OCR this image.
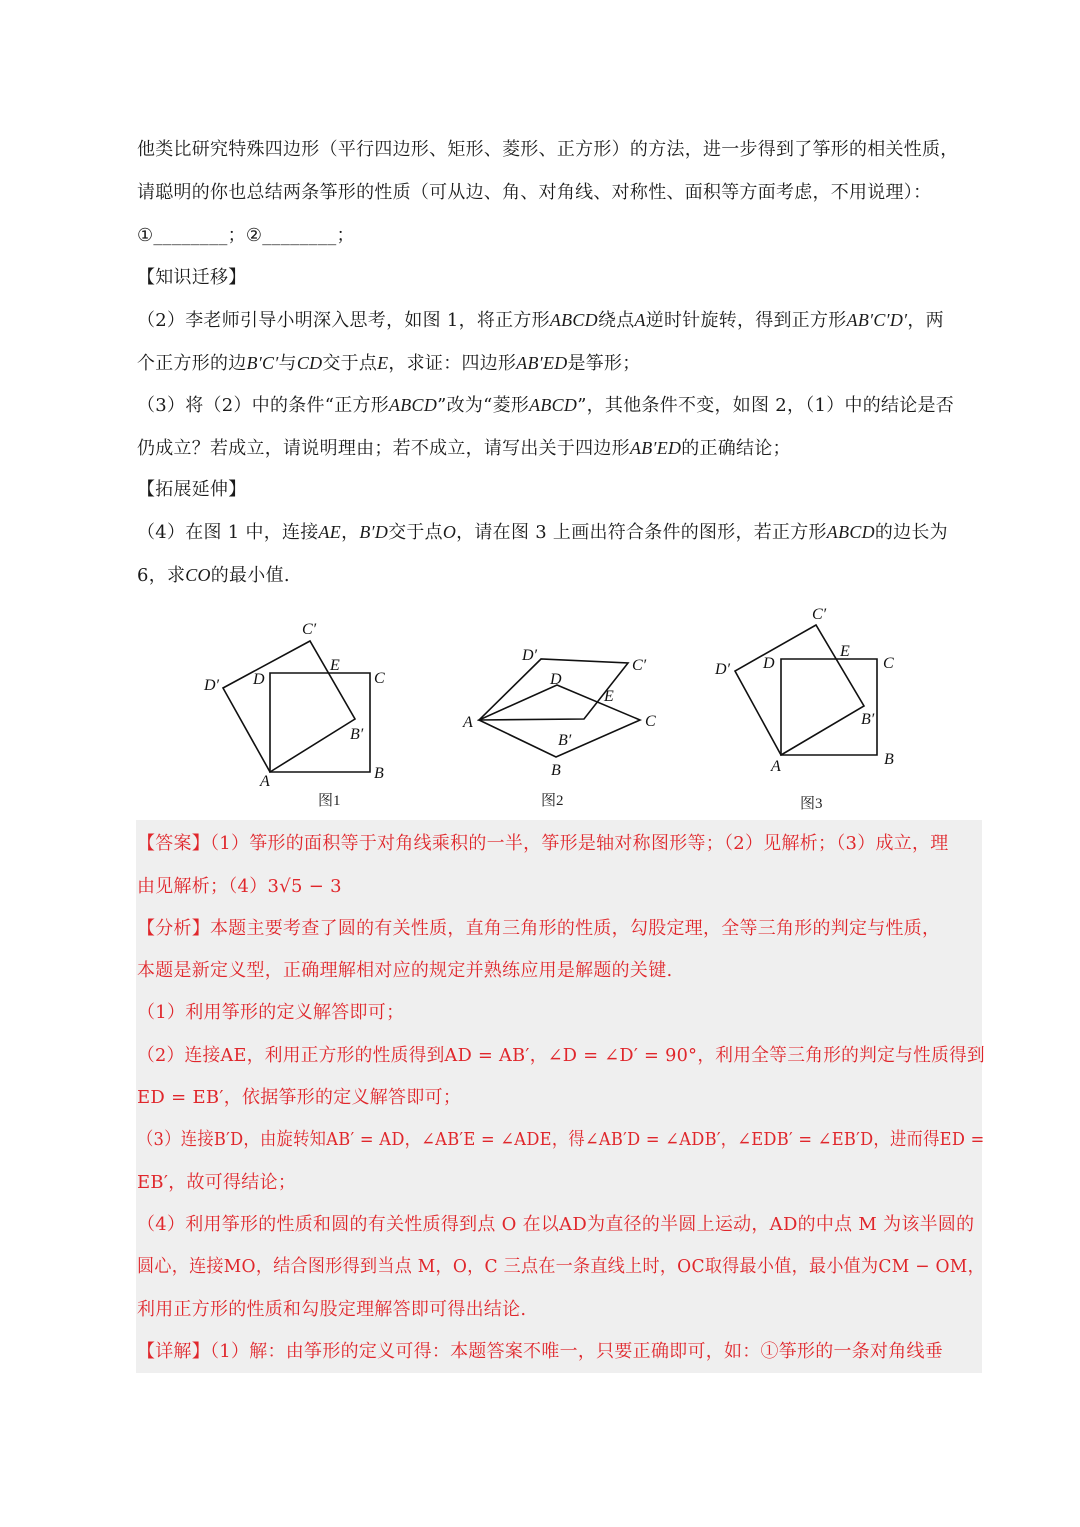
他类比研究特殊四边形（平行四边形、矩形、菱形、正方形）的方法，进一步得到了筝形的相关性质，
请聪明的你也总结两条筝形的性质（可从边、角、对角线、对称性、面积等方面考虑，不用说理）：
①________；②________；
【知识迁移】
（2）李老师引导小明深入思考，如图 1，将正方形ABCD绕点A逆时针旋转，得到正方形AB′C′D′，两
个正方形的边B′C′与CD交于点E，求证：四边形AB′ED是筝形；
（3）将（2）中的条件“正方形ABCD”改为“菱形ABCD”，其他条件不变，如图 2，（1）中的结论是否
仍成立？若成立，请说明理由；若不成立，请写出关于四边形AB′ED的正确结论；
【拓展延伸】
（4）在图 1 中，连接AE，B′D交于点O，请在图 3 上画出符合条件的图形，若正方形ABCD的边长为
6，求CO的最小值.
A	B
C
D
E
B′
C′
D′
图1
A
B
C
D
E
B′
C′
D′
图2
A	B
C
D
E
B′
C′
D′
图3
【答案】（1）筝形的面积等于对角线乘积的一半，筝形是轴对称图形等；（2）见解析；（3）成立，理
由见解析；（4）3√5 − 3
【分析】本题主要考查了圆的有关性质，直角三角形的性质，勾股定理，全等三角形的判定与性质，
本题是新定义型，正确理解相对应的规定并熟练应用是解题的关键.
（1）利用筝形的定义解答即可；
（2）连接AE，利用正方形的性质得到AD = AB′，∠D = ∠D′ = 90°，利用全等三角形的判定与性质得到
ED = EB′，依据筝形的定义解答即可；
（3）连接B′D，由旋转知AB′ = AD，∠AB′E = ∠ADE，得∠AB′D = ∠ADB′，∠EDB′ = ∠EB′D，进而得ED =
EB′，故可得结论；
（4）利用筝形的性质和圆的有关性质得到点 O 在以AD为直径的半圆上运动，AD的中点 M 为该半圆的
圆心，连接MO，结合图形得到当点 M，O，C 三点在一条直线上时，OC取得最小值，最小值为CM − OM，
利用正方形的性质和勾股定理解答即可得出结论.
【详解】（1）解：由筝形的定义可得：本题答案不唯一，只要正确即可，如：①筝形的一条对角线垂
